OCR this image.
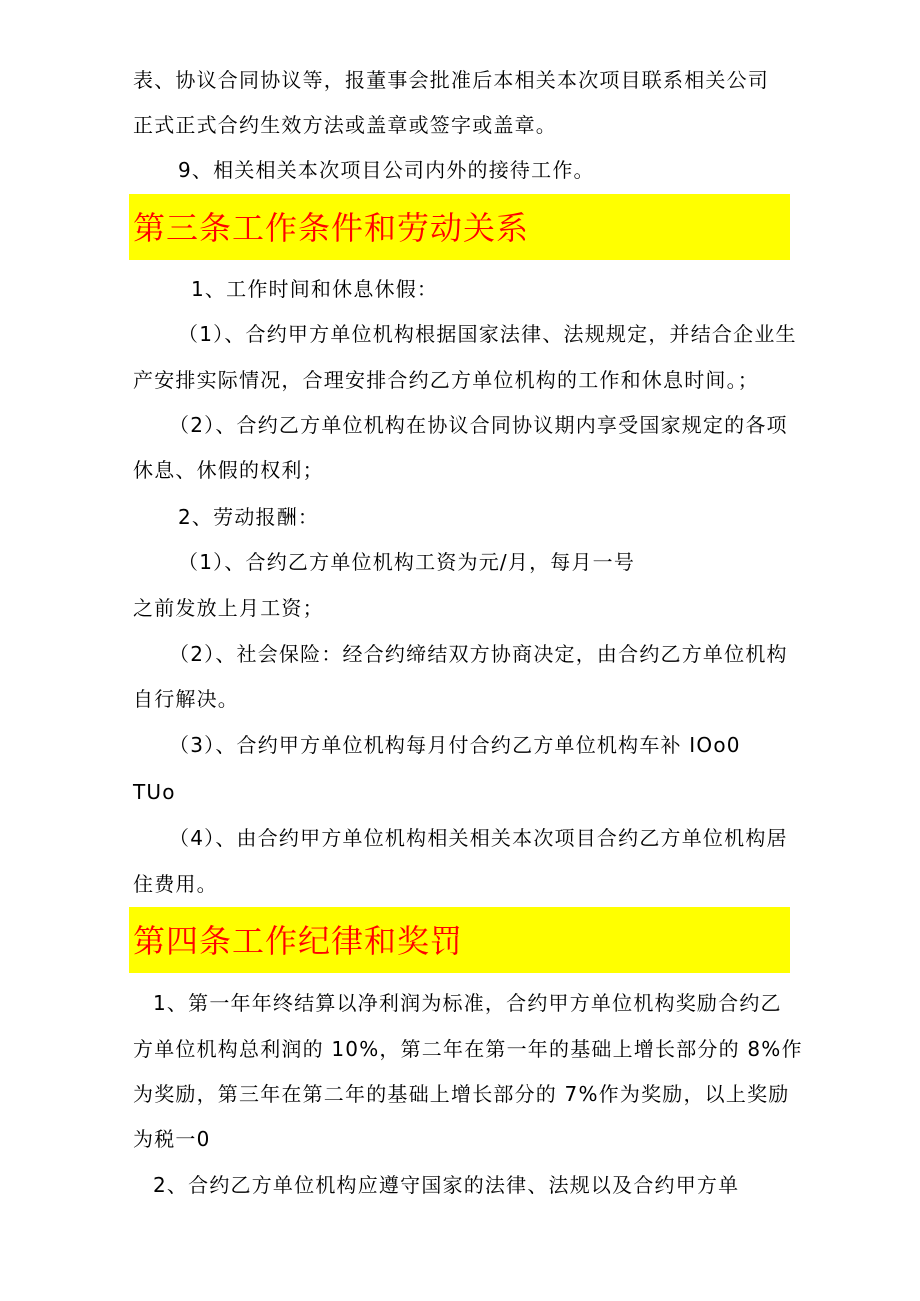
表、协议合同协议等，报董事会批准后本相关本次项目联系相关公司
正式正式合约生效方法或盖章或签字或盖章。
9、相关相关本次项目公司内外的接待工作。
第三条工作条件和劳动关系
1、工作时间和休息休假：
（1）、合约甲方单位机构根据国家法律、法规规定，并结合企业生
产安排实际情况，合理安排合约乙方单位机构的工作和休息时间。；
（2）、合约乙方单位机构在协议合同协议期内享受国家规定的各项
休息、休假的权利；
2、劳动报酬：
（1）、合约乙方单位机构工资为元/月，每月一号
之前发放上月工资；
（2）、社会保险：经合约缔结双方协商决定，由合约乙方单位机构
自行解决。
（3）、合约甲方单位机构每月付合约乙方单位机构车补 IOo0
TUo
（4）、由合约甲方单位机构相关相关本次项目合约乙方单位机构居
住费用。
第四条工作纪律和奖罚
1、第一年年终结算以净利润为标准，合约甲方单位机构奖励合约乙
方单位机构总利润的 10%，第二年在第一年的基础上增长部分的 8%作
为奖励，第三年在第二年的基础上增长部分的 7%作为奖励，以上奖励
为税一0
2、合约乙方单位机构应遵守国家的法律、法规以及合约甲方单
